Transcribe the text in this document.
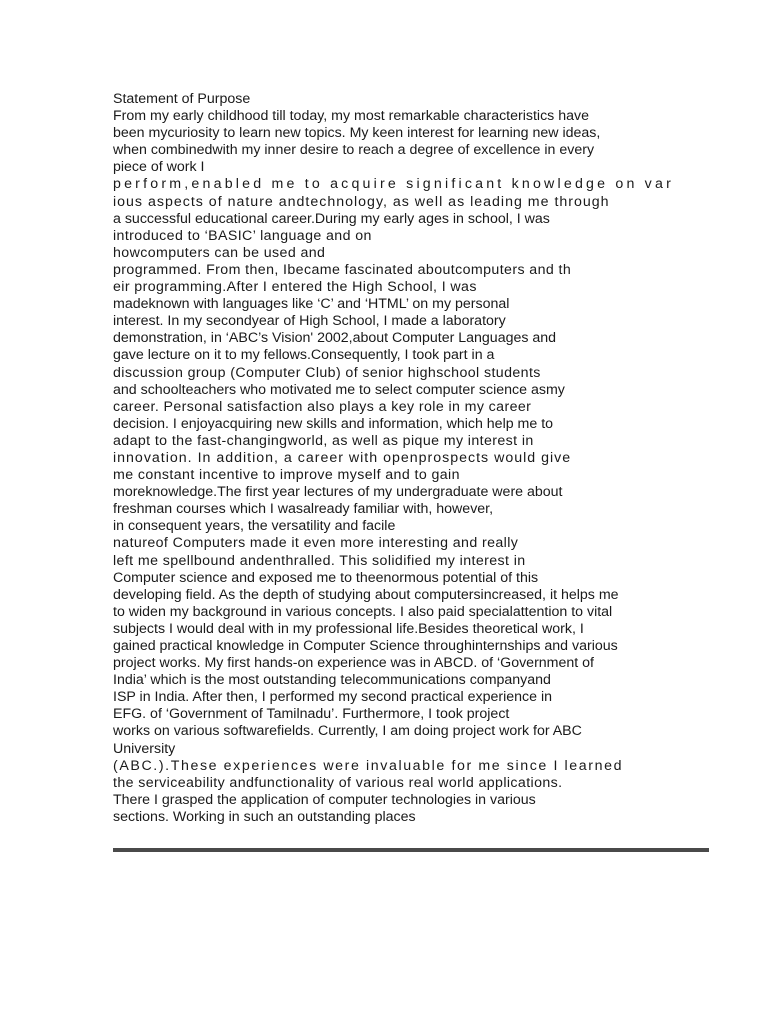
Statement of Purpose
From my early childhood till today, my most remarkable characteristics have
been mycuriosity to learn new topics. My keen interest for learning new ideas,
when combinedwith my inner desire to reach a degree of excellence in every
piece of work I
perform,enabled me to acquire significant knowledge on var
ious aspects of nature andtechnology, as well as leading me through
a successful educational career.During my early ages in school, I was
introduced to ‘BASIC’ language and on
howcomputers can be used and
programmed. From then, Ibecame fascinated aboutcomputers and th
eir programming.After I entered the High School, I was
madeknown with languages like ‘C’ and ‘HTML’ on my personal
interest. In my secondyear of High School, I made a laboratory
demonstration, in ‘ABC’s Vision' 2002,about Computer Languages and
gave lecture on it to my fellows.Consequently, I took part in a
discussion group (Computer Club) of senior highschool students
and schoolteachers who motivated me to select computer science asmy
career. Personal satisfaction also plays a key role in my career
decision. I enjoyacquiring new skills and information, which help me to
adapt to the fast-changingworld, as well as pique my interest in
innovation. In addition, a career with openprospects would give
me constant incentive to improve myself and to gain
moreknowledge.The first year lectures of my undergraduate were about
freshman courses which I wasalready familiar with, however,
in consequent years, the versatility and facile
natureof Computers made it even more interesting and really
left me spellbound andenthralled. This solidified my interest in
Computer science and exposed me to theenormous potential of this
developing field. As the depth of studying about computersincreased, it helps me
to widen my background in various concepts. I also paid specialattention to vital
subjects I would deal with in my professional life.Besides theoretical work, I
gained practical knowledge in Computer Science throughinternships and various
project works. My first hands-on experience was in ABCD. of ‘Government of
India’ which is the most outstanding telecommunications companyand
ISP in India. After then, I performed my second practical experience in
EFG. of ‘Government of Tamilnadu’. Furthermore, I took project
works on various softwarefields. Currently, I am doing project work for ABC
University
(ABC.).These experiences were invaluable for me since I learned
the serviceability andfunctionality of various real world applications.
There I grasped the application of computer technologies in various
sections. Working in such an outstanding places
